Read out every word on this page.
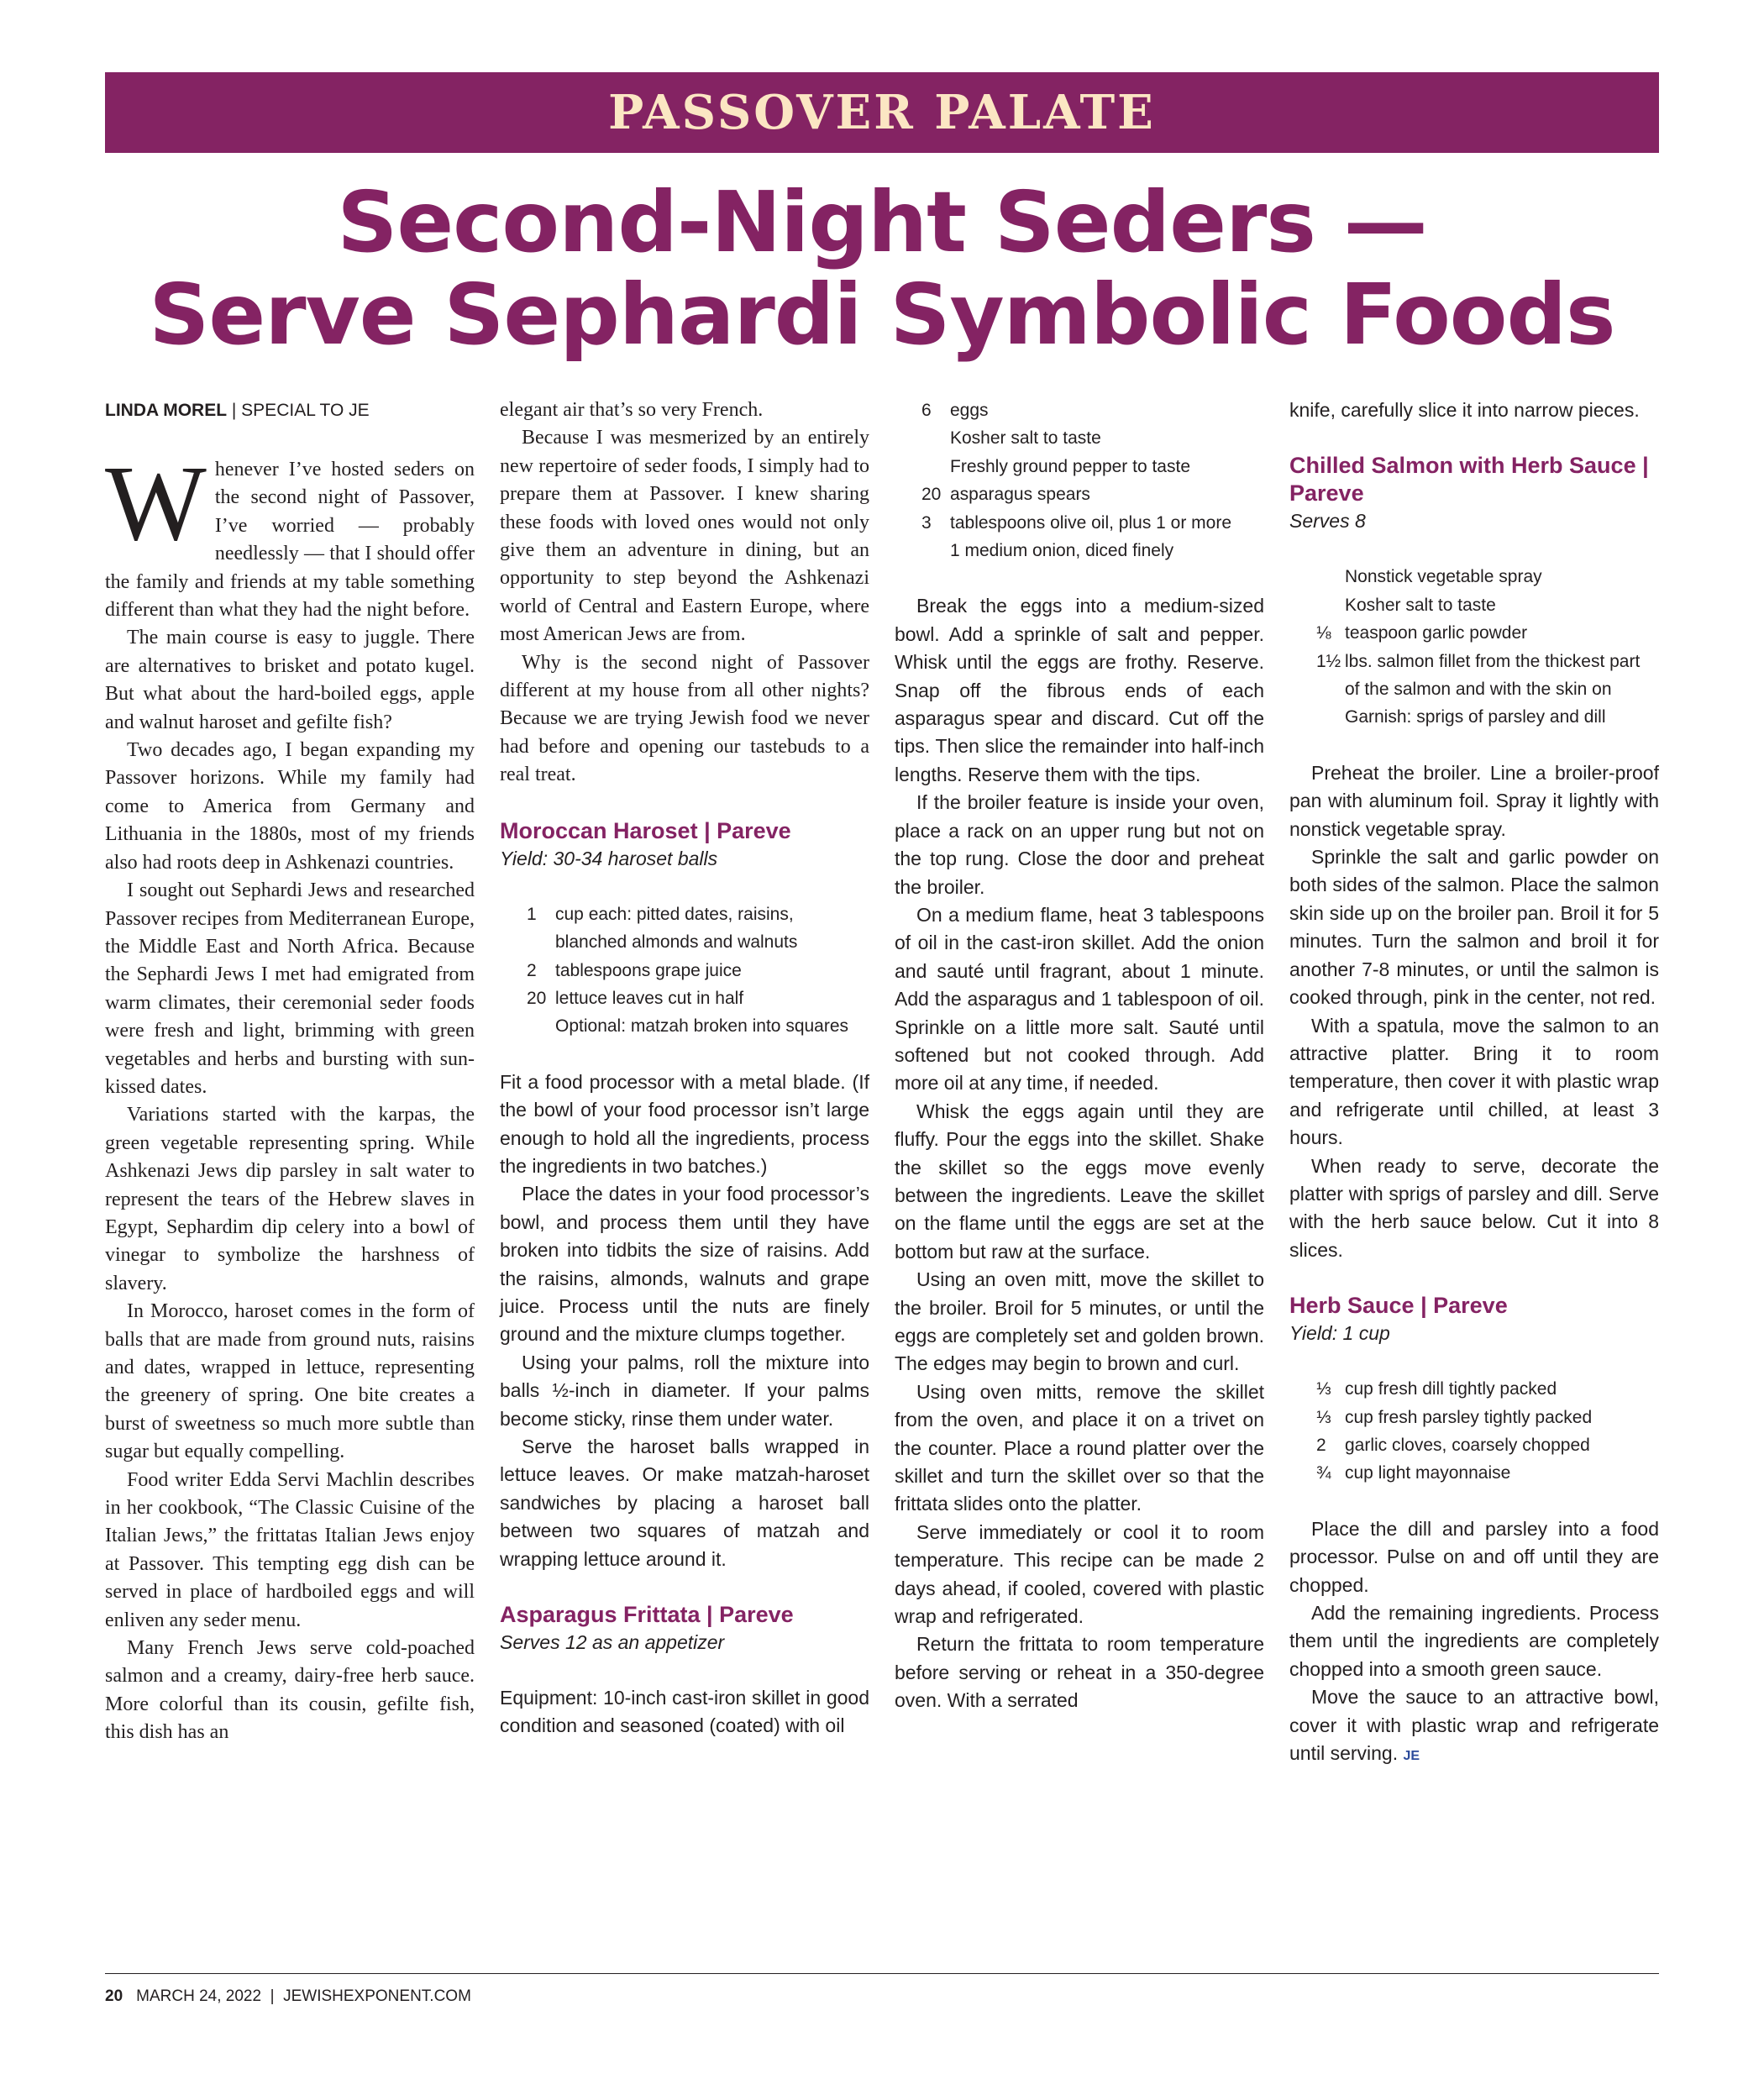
PASSOVER PALATE
Second-Night Seders —
Serve Sephardi Symbolic Foods
LINDA MOREL | SPECIAL TO JE

Whenever I’ve hosted seders on the second night of Passover, I’ve worried — probably needlessly — that I should offer the family and friends at my table something different than what they had the night before.

The main course is easy to juggle. There are alternatives to brisket and potato kugel. But what about the hard-boiled eggs, apple and walnut haroset and gefilte fish?

Two decades ago, I began expanding my Passover horizons. While my family had come to America from Germany and Lithuania in the 1880s, most of my friends also had roots deep in Ashkenazi countries.

I sought out Sephardi Jews and researched Passover recipes from Mediterranean Europe, the Middle East and North Africa. Because the Sephardi Jews I met had emigrated from warm climates, their ceremonial seder foods were fresh and light, brimming with green vegetables and herbs and bursting with sun-kissed dates.

Variations started with the karpas, the green vegetable representing spring. While Ashkenazi Jews dip parsley in salt water to represent the tears of the Hebrew slaves in Egypt, Sephardim dip celery into a bowl of vinegar to symbolize the harshness of slavery.

In Morocco, haroset comes in the form of balls that are made from ground nuts, raisins and dates, wrapped in lettuce, representing the greenery of spring. One bite creates a burst of sweetness so much more subtle than sugar but equally compelling.

Food writer Edda Servi Machlin describes in her cookbook, “The Classic Cuisine of the Italian Jews,” the frittatas Italian Jews enjoy at Passover. This tempting egg dish can be served in place of hardboiled eggs and will enliven any seder menu.

Many French Jews serve cold-poached salmon and a creamy, dairy-free herb sauce. More colorful than its cousin, gefilte fish, this dish has an

elegant air that’s so very French.

Because I was mesmerized by an entirely new repertoire of seder foods, I simply had to prepare them at Passover. I knew sharing these foods with loved ones would not only give them an adventure in dining, but an opportunity to step beyond the Ashkenazi world of Central and Eastern Europe, where most American Jews are from.

Why is the second night of Passover different at my house from all other nights? Because we are trying Jewish food we never had before and opening our tastebuds to a real treat.

Moroccan Haroset | Pareve

Yield: 30-34 haroset balls

1 cup each: pitted dates, raisins, blanched almonds and walnuts
2 tablespoons grape juice
20 lettuce leaves cut in half
Optional: matzah broken into squares

Fit a food processor with a metal blade. (If the bowl of your food processor isn’t large enough to hold all the ingredients, process the ingredients in two batches.)

Place the dates in your food processor’s bowl, and process them until they have broken into tidbits the size of raisins. Add the raisins, almonds, walnuts and grape juice. Process until the nuts are finely ground and the mixture clumps together.

Using your palms, roll the mixture into balls ½-inch in diameter. If your palms become sticky, rinse them under water.

Serve the haroset balls wrapped in lettuce leaves. Or make matzah-haroset sandwiches by placing a haroset ball between two squares of matzah and wrapping lettuce around it.

Asparagus Frittata | Pareve

Serves 12 as an appetizer

Equipment: 10-inch cast-iron skillet in good condition and seasoned (coated) with oil

6 eggs
Kosher salt to taste
Freshly ground pepper to taste
20 asparagus spears
3 tablespoons olive oil, plus 1 or more
1 medium onion, diced finely

Break the eggs into a medium-sized bowl. Add a sprinkle of salt and pepper. Whisk until the eggs are frothy. Reserve. Snap off the fibrous ends of each asparagus spear and discard. Cut off the tips. Then slice the remainder into half-inch lengths. Reserve them with the tips.

If the broiler feature is inside your oven, place a rack on an upper rung but not on the top rung. Close the door and preheat the broiler.

On a medium flame, heat 3 tablespoons of oil in the cast-iron skillet. Add the onion and sauté until fragrant, about 1 minute. Add the asparagus and 1 tablespoon of oil. Sprinkle on a little more salt. Sauté until softened but not cooked through. Add more oil at any time, if needed.

Whisk the eggs again until they are fluffy. Pour the eggs into the skillet. Shake the skillet so the eggs move evenly between the ingredients. Leave the skillet on the flame until the eggs are set at the bottom but raw at the surface.

Using an oven mitt, move the skillet to the broiler. Broil for 5 minutes, or until the eggs are completely set and golden brown. The edges may begin to brown and curl.

Using oven mitts, remove the skillet from the oven, and place it on a trivet on the counter. Place a round platter over the skillet and turn the skillet over so that the frittata slides onto the platter.

Serve immediately or cool it to room temperature. This recipe can be made 2 days ahead, if cooled, covered with plastic wrap and refrigerated.

Return the frittata to room temperature before serving or reheat in a 350-degree oven. With a serrated

knife, carefully slice it into narrow pieces.

Chilled Salmon with Herb Sauce | Pareve

Serves 8

Nonstick vegetable spray
Kosher salt to taste
⅛ teaspoon garlic powder
1½ lbs. salmon fillet from the thickest part of the salmon and with the skin on
Garnish: sprigs of parsley and dill

Preheat the broiler. Line a broiler-proof pan with aluminum foil. Spray it lightly with nonstick vegetable spray.

Sprinkle the salt and garlic powder on both sides of the salmon. Place the salmon skin side up on the broiler pan. Broil it for 5 minutes. Turn the salmon and broil it for another 7-8 minutes, or until the salmon is cooked through, pink in the center, not red.

With a spatula, move the salmon to an attractive platter. Bring it to room temperature, then cover it with plastic wrap and refrigerate until chilled, at least 3 hours.

When ready to serve, decorate the platter with sprigs of parsley and dill. Serve with the herb sauce below. Cut it into 8 slices.

Herb Sauce | Pareve

Yield: 1 cup

⅓ cup fresh dill tightly packed
⅓ cup fresh parsley tightly packed
2 garlic cloves, coarsely chopped
¾ cup light mayonnaise

Place the dill and parsley into a food processor. Pulse on and off until they are chopped.

Add the remaining ingredients. Process them until the ingredients are completely chopped into a smooth green sauce.

Move the sauce to an attractive bowl, cover it with plastic wrap and refrigerate until serving. JE

20 MARCH 24, 2022  |  JEWISHEXPONENT.COM
